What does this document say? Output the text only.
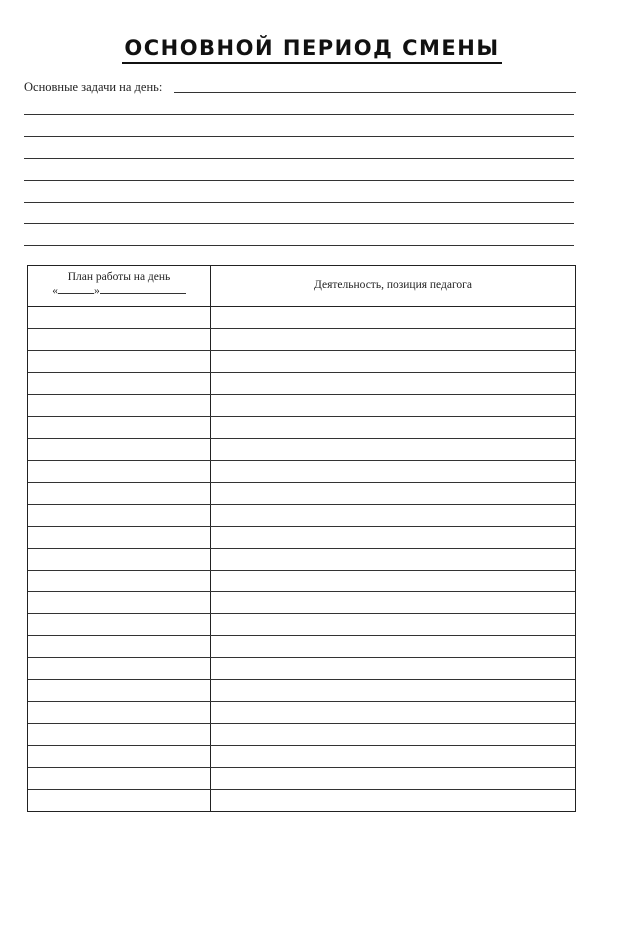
ОСНОВНОЙ ПЕРИОД СМЕНЫ
Основные задачи на день:
План работы на день
«	»	Деятельность, позиция педагога
